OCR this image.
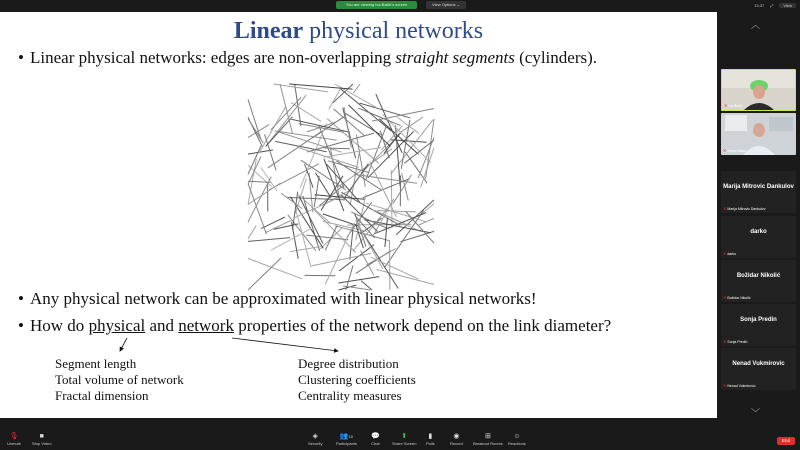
You are viewing Iva Bačić's screen	View Options ⌄	13:37 ⤢	View
Linear physical networks
• Linear physical networks: edges are non-overlapping straight segments (cylinders).
• Any physical network can be approximated with linear physical networks!
• How do physical and network properties of the network depend on the link diameter?
Segment length
Total volume of network
Fractal dimension
Degree distribution
Clustering coefficients
Centrality measures
︿
✕ Iva Bačić
✕ Antun Balaz
Marija Mitrovic Dankulov
✕ Marija Mitrovic Dankulov
darko
✕ darko
Božidar Nikolić
✕ Božidar Nikolić
Sonja Predin
✕ Sonja Predin
Nenad Vukmirovic
✕ Nenad Vukmirovic
﹀
🎙
Unmute
■
Stop Video
◈
Security
👥10
Participants
💬
Chat
⬆
Share Screen
▮
Polls
◉
Record
⊞
Breakout Rooms
☺
Reactions
End
